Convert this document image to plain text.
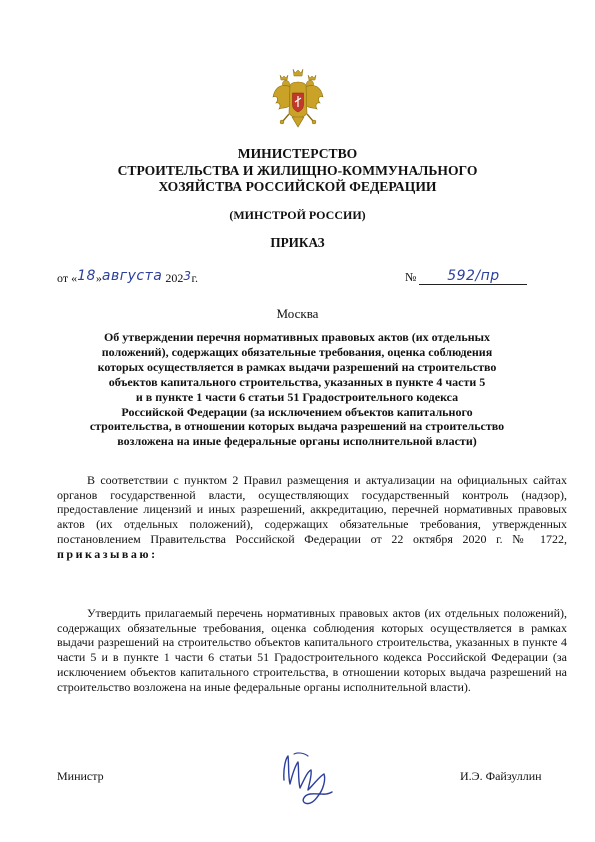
МИНИСТЕРСТВО
СТРОИТЕЛЬСТВА И ЖИЛИЩНО-КОММУНАЛЬНОГО
ХОЗЯЙСТВА РОССИЙСКОЙ ФЕДЕРАЦИИ
(МИНСТРОЙ РОССИИ)
ПРИКАЗ
от «18»августа 2023г.	№ 592/пр
Москва
Об утверждении перечня нормативных правовых актов (их отдельных
положений), содержащих обязательные требования, оценка соблюдения
которых осуществляется в рамках выдачи разрешений на строительство
объектов капитального строительства, указанных в пункте 4 части 5
и в пункте 1 части 6 статьи 51 Градостроительного кодекса
Российской Федерации (за исключением объектов капитального
строительства, в отношении которых выдача разрешений на строительство
возложена на иные федеральные органы исполнительной власти)
В соответствии с пунктом 2 Правил размещения и актуализации на официальных сайтах органов государственной власти, осуществляющих государственный контроль (надзор), предоставление лицензий и иных разрешений, аккредитацию, перечней нормативных правовых актов (их отдельных положений), содержащих обязательные требования, утвержденных постановлением Правительства Российской Федерации от 22 октября 2020 г. № 1722, приказываю:
Утвердить прилагаемый перечень нормативных правовых актов (их отдельных положений), содержащих обязательные требования, оценка соблюдения которых осуществляется в рамках выдачи разрешений на строительство объектов капитального строительства, указанных в пункте 4 части 5 и в пункте 1 части 6 статьи 51 Градостроительного кодекса Российской Федерации (за исключением объектов капитального строительства, в отношении которых выдача разрешений на строительство возложена на иные федеральные органы исполнительной власти).
Министр	И.Э. Файзуллин
